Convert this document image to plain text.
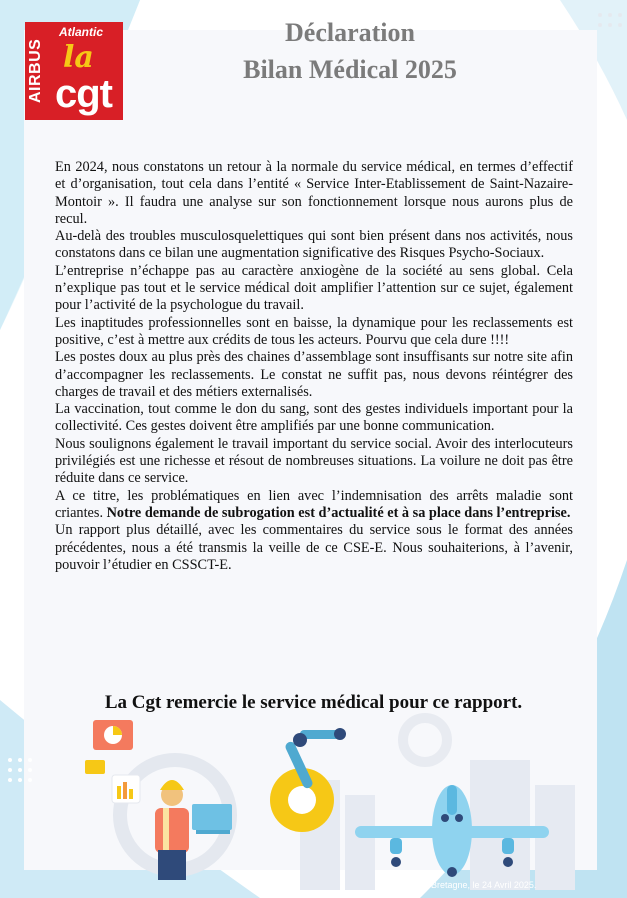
AIRBUS
Atlantic
la
cgt
Déclaration
Bilan Médical 2025

En 2024, nous constatons un retour à la normale du service médical, en termes d’effectif et d’organisation, tout cela dans l’entité « Service Inter-Etablissement de Saint-Nazaire-Montoir ». Il faudra une analyse sur son fonctionnement lorsque nous aurons plus de recul.

Au-delà des troubles musculosquelettiques qui sont bien présent dans nos activités, nous constatons dans ce bilan une augmentation significative des Risques Psycho-Sociaux.

L’entreprise n’échappe pas au caractère anxiogène de la société au sens global. Cela n’explique pas tout et le service médical doit amplifier l’attention sur ce sujet, également pour l’activité de la psychologue du travail.

Les inaptitudes professionnelles sont en baisse, la dynamique pour les reclassements est positive, c’est à mettre aux crédits de tous les acteurs. Pourvu que cela dure !!!!

Les postes doux au plus près des chaines d’assemblage sont insuffisants sur notre site afin d’accompagner les reclassements. Le constat ne suffit pas, nous devons réintégrer des charges de travail et des métiers externalisés.

La vaccination, tout comme le don du sang, sont des gestes individuels important pour la collectivité. Ces gestes doivent être amplifiés par une bonne communication.

Nous soulignons également le travail important du service social. Avoir des interlocuteurs privilégiés est une richesse et résout de nombreuses situations. La voilure ne doit pas être réduite dans ce service.

A ce titre, les problématiques en lien avec l’indemnisation des arrêts maladie sont criantes. Notre demande de subrogation est d’actualité et à sa place dans l’entreprise.

Un rapport plus détaillé, avec les commentaires du service sous le format des années précédentes, nous a été transmis la veille de ce CSE-E. Nous souhaiterions, à l’avenir, pouvoir l’étudier en CSSCT-E.

La Cgt remercie le service médical pour ce rapport.
Montoir de Bretagne, le 24 Avril 2025.
